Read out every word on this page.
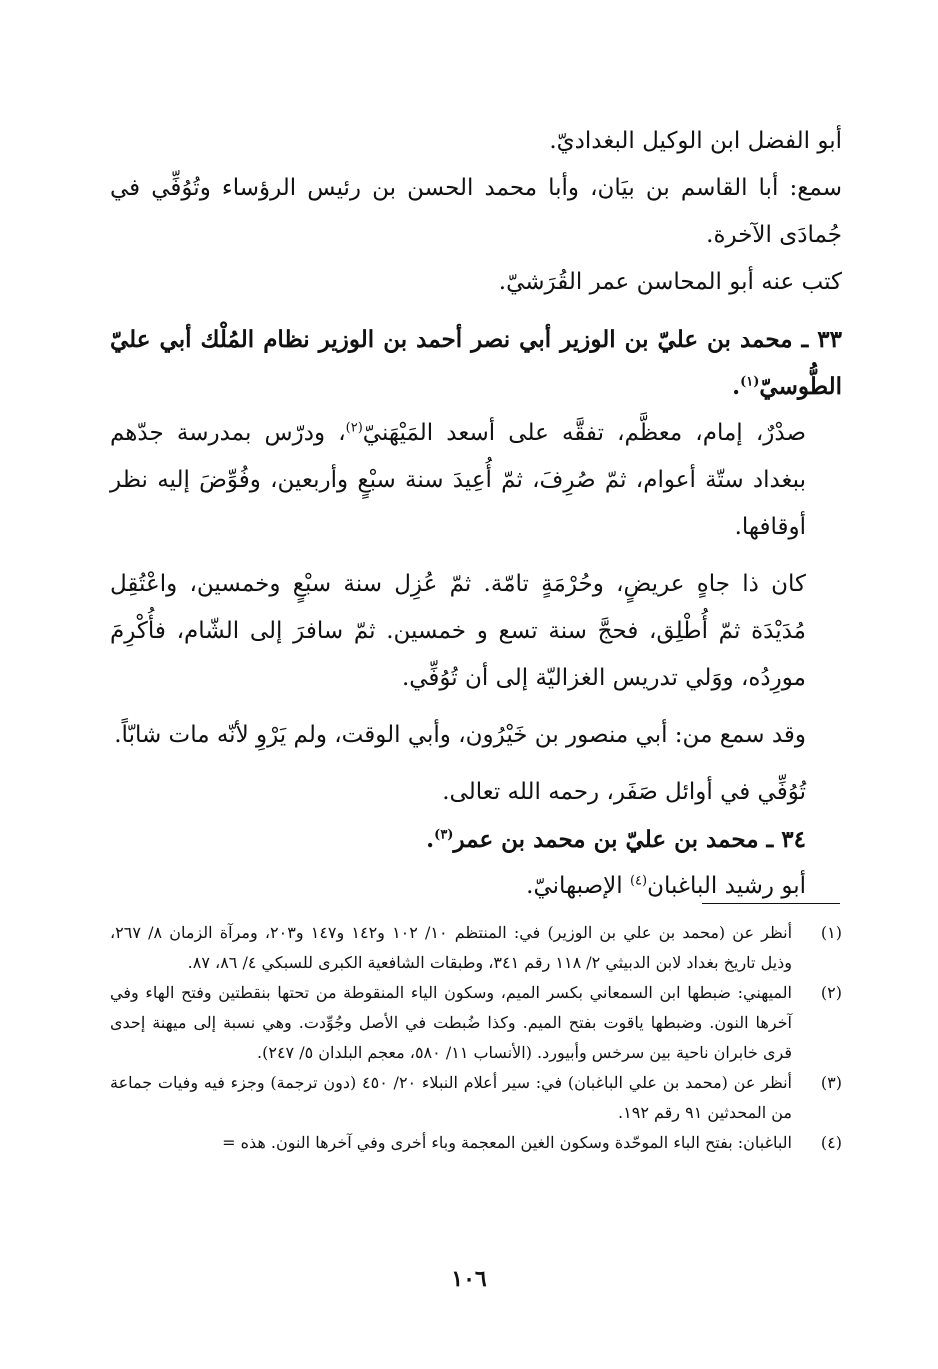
أبو الفضل ابن الوكيل البغداديّ.

سمع: أبا القاسم بن بيَان، وأبا محمد الحسن بن رئيس الرؤساء وتُوُفِّي في جُمادَى الآخرة.

كتب عنه أبو المحاسن عمر القُرَشيّ.

٣٣ ـ محمد بن عليّ بن الوزير أبي نصر أحمد بن الوزير نظام المُلْك أبي عليّ الطُّوسيّ$^{(١)}$.

صدْرٌ، إمام، معظَّم، تفقَّه على أسعد المَيْهَنيّ$^{(٢)}$، ودرّس بمدرسة جدّهم ببغداد ستّة أعوام، ثمّ صُرِفَ، ثمّ أُعِيدَ سنة سبْعٍ وأربعين، وفُوِّضَ إليه نظر أوقافها.

كان ذا جاهٍ عريضٍ، وحُرْمَةٍ تامّة. ثمّ عُزِل سنة سبْعٍ وخمسين، واعْتُقِل مُدَيْدَة ثمّ أُطْلِق، فحجَّ سنة تسع و خمسين. ثمّ سافرَ إلى الشّام، فأُكْرِمَ مورِدُه، ووَلي تدريس الغزاليّة إلى أن تُوُفِّي.

وقد سمع من: أبي منصور بن خَيْرُون، وأبي الوقت، ولم يَرْوِ لأنّه مات شابّاً.

تُوُفِّي في أوائل صَفَر، رحمه الله تعالى.

٣٤ ـ محمد بن عليّ بن محمد بن عمر$^{(٣)}$.

أبو رشيد الباغبان$^{(٤)}$ الإصبهانيّ.

(١)
أنظر عن (محمد بن علي بن الوزير) في: المنتظم ١٠/ ١٠٢ و١٤٢ و١٤٧ و٢٠٣، ومرآة الزمان ٨/ ٢٦٧، وذيل تاريخ بغداد لابن الدبيثي ٢/ ١١٨ رقم ٣٤١، وطبقات الشافعية الكبرى للسبكي ٤/ ٨٦، ٨٧.
(٢)
الميهني: ضبطها ابن السمعاني بكسر الميم، وسكون الياء المنقوطة من تحتها بنقطتين وفتح الهاء وفي آخرها النون. وضبطها ياقوت بفتح الميم. وكذا ضُبطت في الأصل وجُوِّدت. وهي نسبة إلى ميهنة إحدى قرى خابران ناحية بين سرخس وأبيورد. (الأنساب ١١/ ٥٨٠، معجم البلدان ٥/ ٢٤٧).
(٣)
أنظر عن (محمد بن علي الباغبان) في: سير أعلام النبلاء ٢٠/ ٤٥٠ (دون ترجمة) وجزء فيه وفيات جماعة من المحدثين ٩١ رقم ١٩٢.
(٤)
الباغبان: بفتح الباء الموحّدة وسكون الغين المعجمة وباء أخرى وفي آخرها النون. هذه =
١٠٦
